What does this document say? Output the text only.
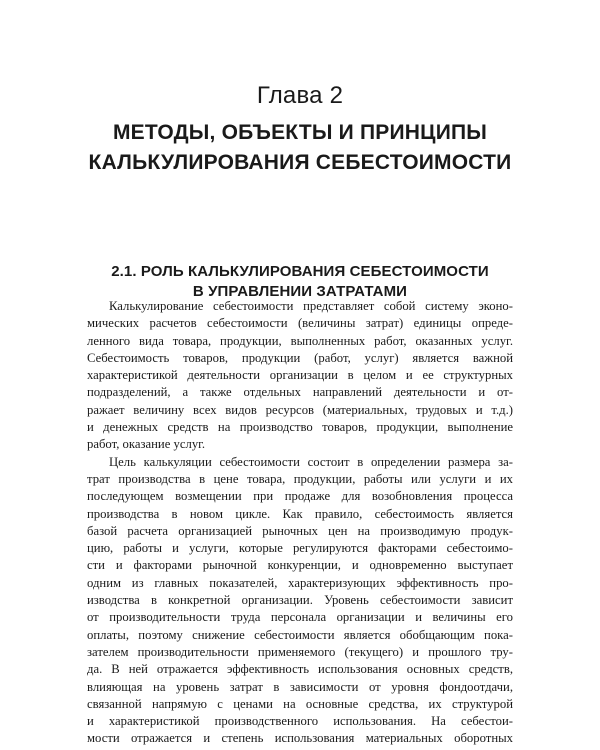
Глава 2
МЕТОДЫ, ОБЪЕКТЫ И ПРИНЦИПЫ
КАЛЬКУЛИРОВАНИЯ СЕБЕСТОИМОСТИ
2.1. РОЛЬ КАЛЬКУЛИРОВАНИЯ СЕБЕСТОИМОСТИ
В УПРАВЛЕНИИ ЗАТРАТАМИ
Калькулирование себестоимости представляет собой систему эконо-
мических расчетов себестоимости (величины затрат) единицы опреде-
ленного вида товара, продукции, выполненных работ, оказанных услуг.
Себестоимость товаров, продукции (работ, услуг) является важной
характеристикой деятельности организации в целом и ее структурных
подразделений, а также отдельных направлений деятельности и от-
ражает величину всех видов ресурсов (материальных, трудовых и т.д.)
и денежных средств на производство товаров, продукции, выполнение
работ, оказание услуг.
Цель калькуляции себестоимости состоит в определении размера за-
трат производства в цене товара, продукции, работы или услуги и их
последующем возмещении при продаже для возобновления процесса
производства в новом цикле. Как правило, себестоимость является
базой расчета организацией рыночных цен на производимую продук-
цию, работы и услуги, которые регулируются факторами себестоимо-
сти и факторами рыночной конкуренции, и одновременно выступает
одним из главных показателей, характеризующих эффективность про-
изводства в конкретной организации. Уровень себестоимости зависит
от производительности труда персонала организации и величины его
оплаты, поэтому снижение себестоимости является обобщающим пока-
зателем производительности применяемого (текущего) и прошлого тру-
да. В ней отражается эффективность использования основных средств,
влияющая на уровень затрат в зависимости от уровня фондоотдачи,
связанной напрямую с ценами на основные средства, их структурой
и характеристикой производственного использования. На себестои-
мости отражается и степень использования материальных оборотных
